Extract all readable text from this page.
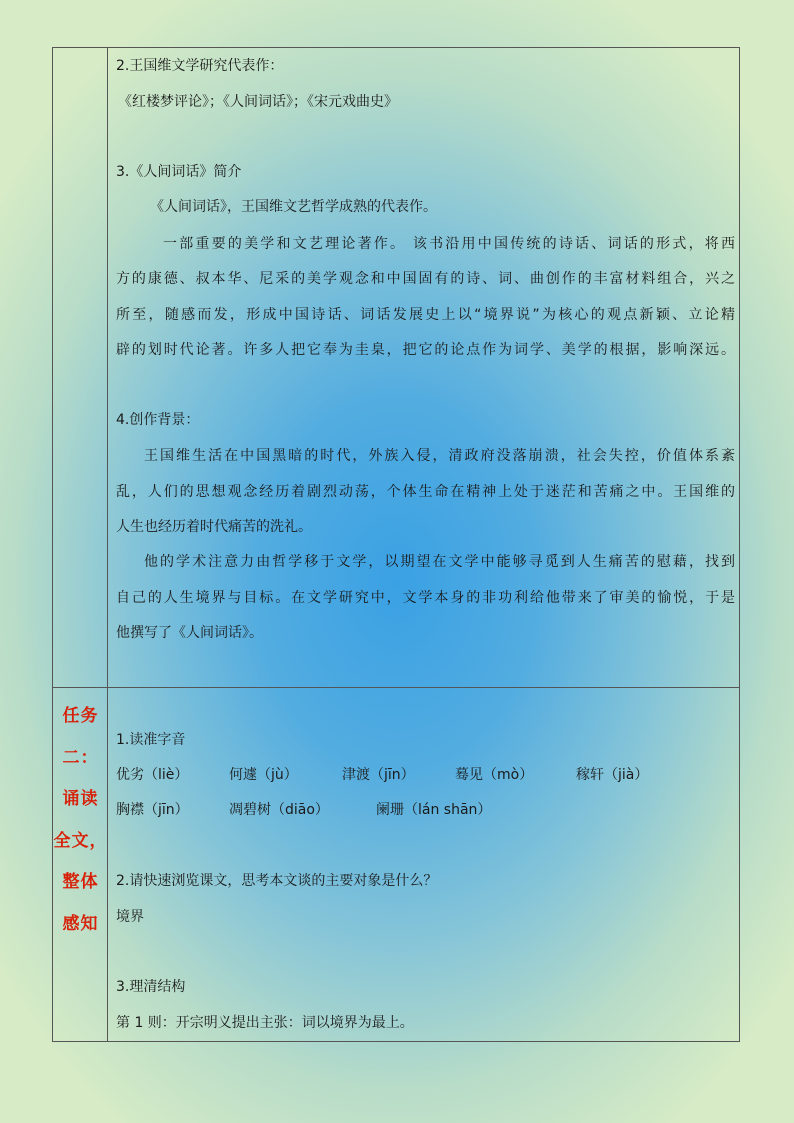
2.王国维文学研究代表作：
《红楼梦评论》；《人间词话》；《宋元戏曲史》
3.《人间词话》简介
《人间词话》，王国维文艺哲学成熟的代表作。
一部重要的美学和文艺理论著作。 该书沿用中国传统的诗话、词话的形式，将西
方的康德、叔本华、尼采的美学观念和中国固有的诗、词、曲创作的丰富材料组合，兴之
所至，随感而发，形成中国诗话、词话发展史上以“境界说”为核心的观点新颖、立论精
辟的划时代论著。许多人把它奉为圭臬，把它的论点作为词学、美学的根据，影响深远。
4.创作背景：
王国维生活在中国黑暗的时代，外族入侵，清政府没落崩溃，社会失控，价值体系紊
乱，人们的思想观念经历着剧烈动荡，个体生命在精神上处于迷茫和苦痛之中。王国维的
人生也经历着时代痛苦的洗礼。
他的学术注意力由哲学移于文学，以期望在文学中能够寻觅到人生痛苦的慰藉，找到
自己的人生境界与目标。在文学研究中，文学本身的非功利给他带来了审美的愉悦，于是
他撰写了《人间词话》。
任务
二：
诵读
全文，
整体
感知
1.读准字音
优劣（liè）	何遽（jù）	津渡（jīn）	蓦见（mò）	稼轩（jià）
胸襟（jīn）	凋碧树（diāo）	阑珊（lán shān）
2.请快速浏览课文，思考本文谈的主要对象是什么？
境界
3.理清结构
第 1 则：开宗明义提出主张：词以境界为最上。
